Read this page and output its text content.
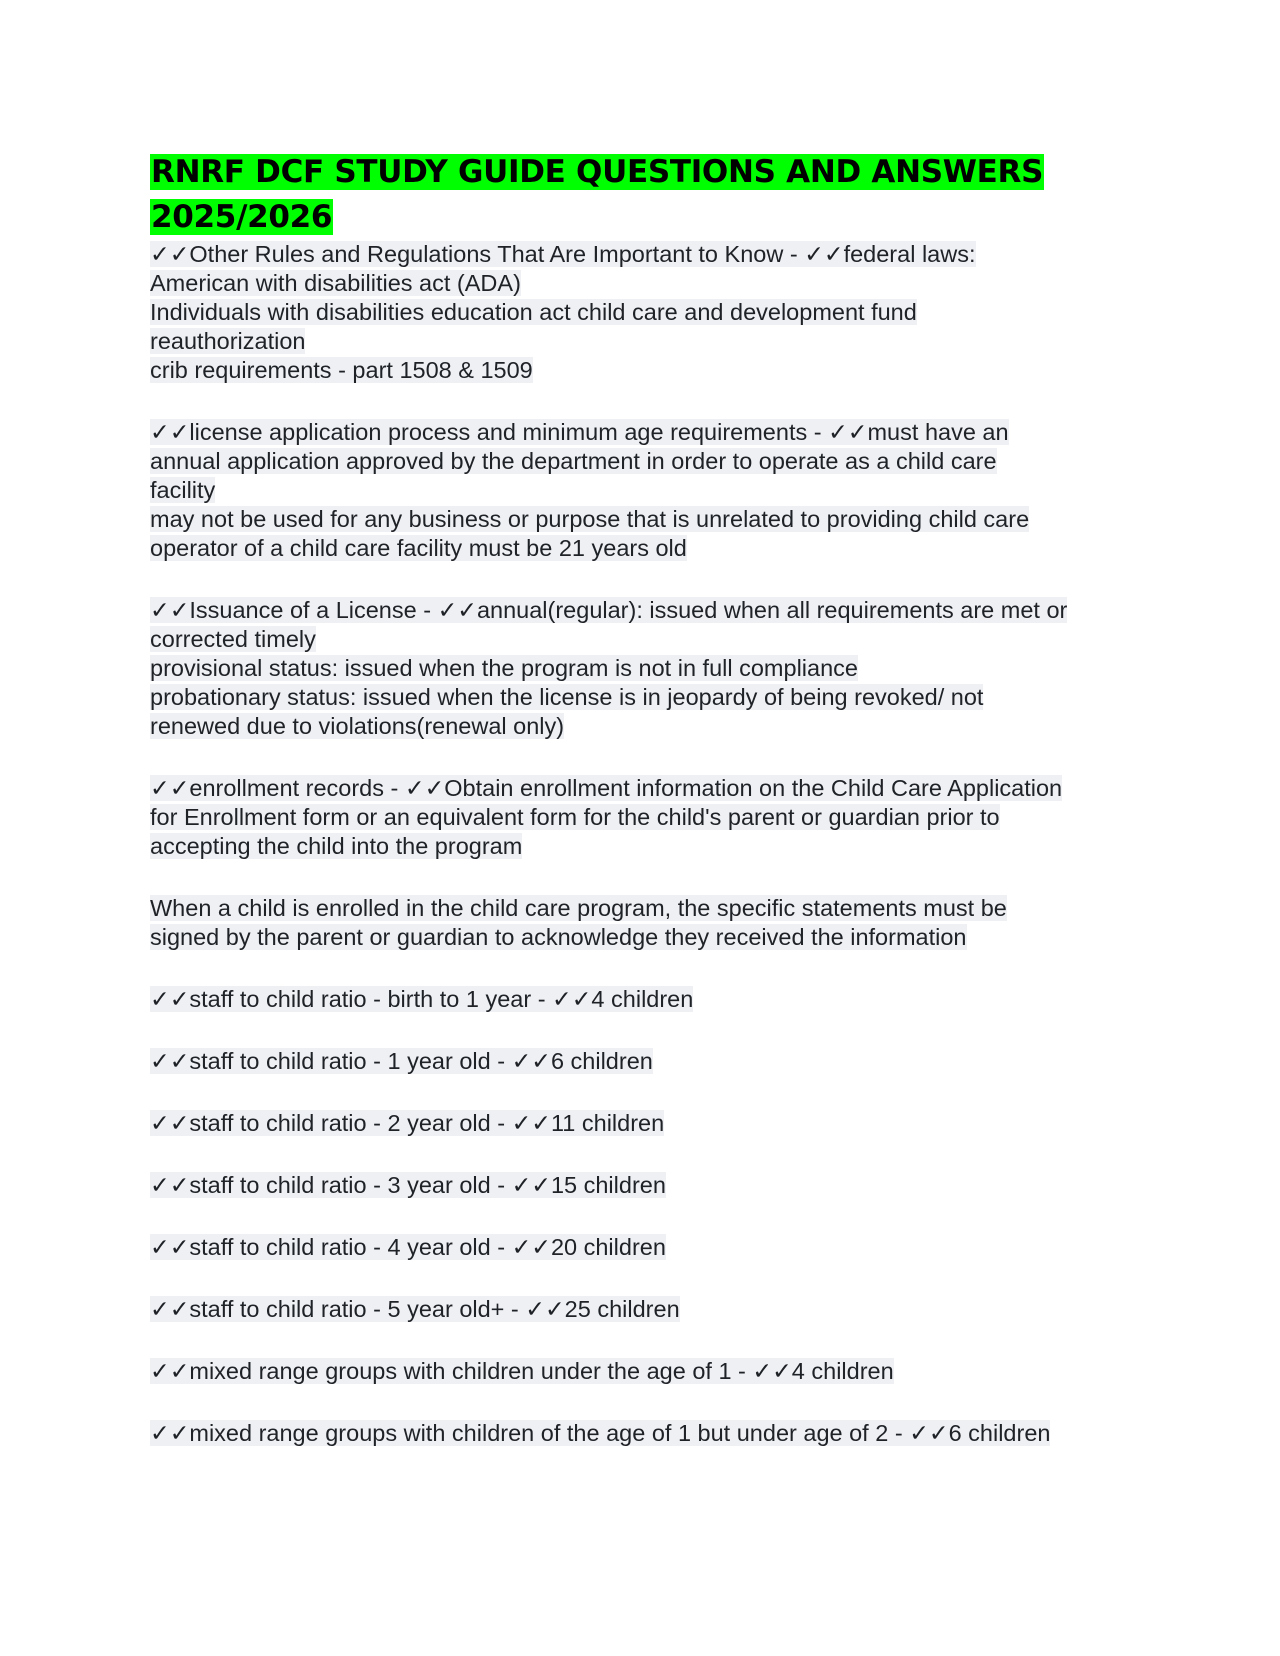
RNRF DCF STUDY GUIDE QUESTIONS AND ANSWERS
2025/2026
✓✓Other Rules and Regulations That Are Important to Know - ✓✓federal laws:
American with disabilities act (ADA)
Individuals with disabilities education act child care and development fund
reauthorization
crib requirements - part 1508 & 1509
✓✓license application process and minimum age requirements - ✓✓must have an
annual application approved by the department in order to operate as a child care
facility
may not be used for any business or purpose that is unrelated to providing child care
operator of a child care facility must be 21 years old
✓✓Issuance of a License - ✓✓annual(regular): issued when all requirements are met or
corrected timely
provisional status: issued when the program is not in full compliance
probationary status: issued when the license is in jeopardy of being revoked/ not
renewed due to violations(renewal only)
✓✓enrollment records - ✓✓Obtain enrollment information on the Child Care Application
for Enrollment form or an equivalent form for the child's parent or guardian prior to
accepting the child into the program
When a child is enrolled in the child care program, the specific statements must be
signed by the parent or guardian to acknowledge they received the information
✓✓staff to child ratio - birth to 1 year - ✓✓4 children
✓✓staff to child ratio - 1 year old - ✓✓6 children
✓✓staff to child ratio - 2 year old - ✓✓11 children
✓✓staff to child ratio - 3 year old - ✓✓15 children
✓✓staff to child ratio - 4 year old - ✓✓20 children
✓✓staff to child ratio - 5 year old+ - ✓✓25 children
✓✓mixed range groups with children under the age of 1 - ✓✓4 children
✓✓mixed range groups with children of the age of 1 but under age of 2 - ✓✓6 children
